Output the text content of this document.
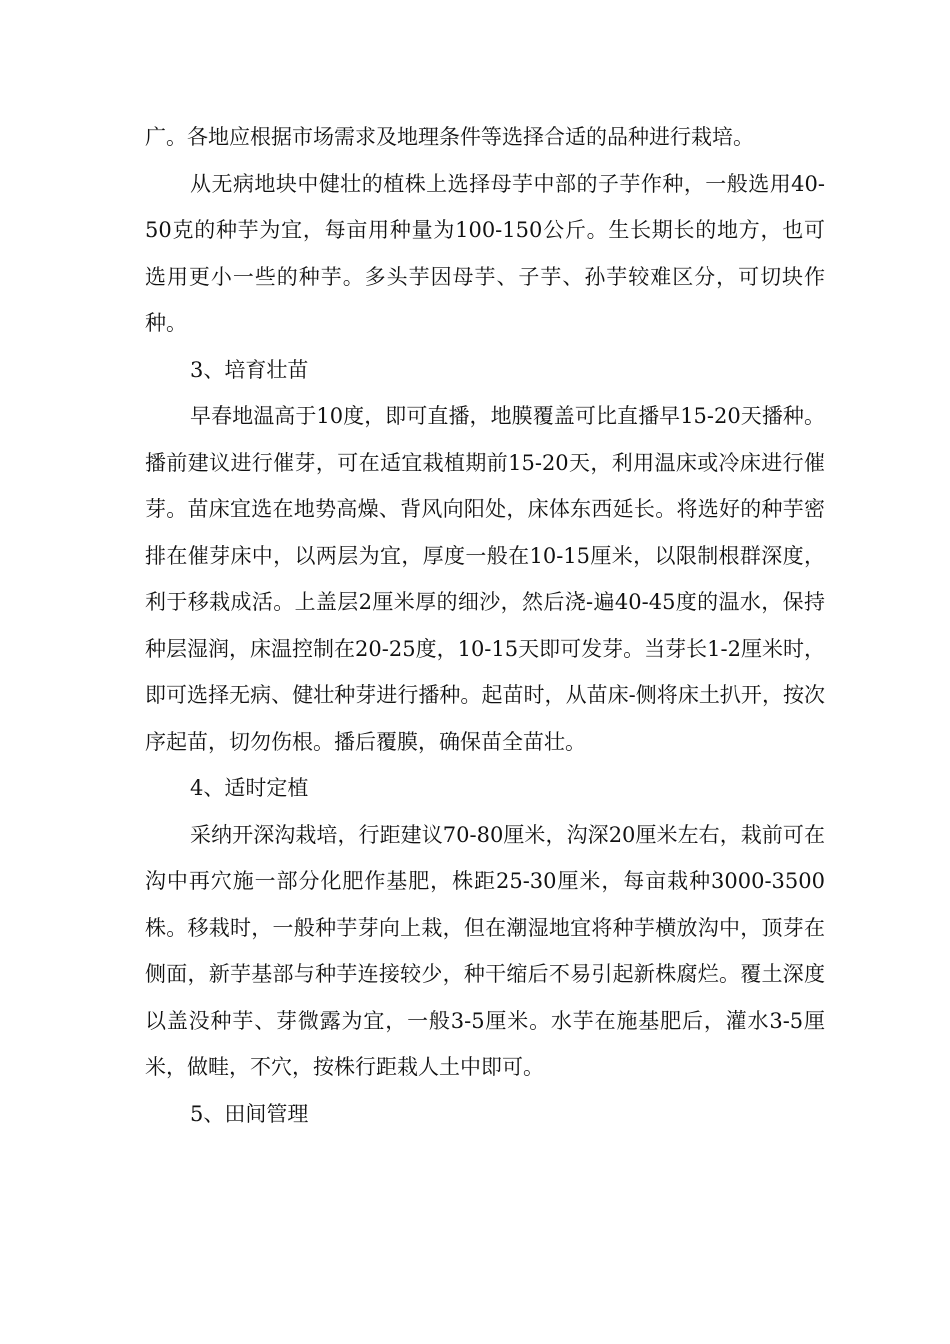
广。各地应根据市场需求及地理条件等选择合适的品种进行栽培。

从无病地块中健壮的植株上选择母芋中部的子芋作种，一般选用40-50克的种芋为宜，每亩用种量为100-150公斤。生长期长的地方，也可选用更小一些的种芋。多头芋因母芋、子芋、孙芋较难区分，可切块作种。

3、培育壮苗

早春地温高于10度，即可直播，地膜覆盖可比直播早15-20天播种。播前建议进行催芽，可在适宜栽植期前15-20天，利用温床或冷床进行催芽。苗床宜选在地势高燥、背风向阳处，床体东西延长。将选好的种芋密排在催芽床中，以两层为宜，厚度一般在10-15厘米，以限制根群深度，利于移栽成活。上盖层2厘米厚的细沙，然后浇-遍40-45度的温水，保持种层湿润，床温控制在20-25度，10-15天即可发芽。当芽长1-2厘米时，即可选择无病、健壮种芽进行播种。起苗时，从苗床-侧将床土扒开，按次序起苗，切勿伤根。播后覆膜，确保苗全苗壮。

4、适时定植

采纳开深沟栽培，行距建议70-80厘米，沟深20厘米左右，栽前可在沟中再穴施一部分化肥作基肥，株距25-30厘米，每亩栽种3000-3500株。移栽时，一般种芋芽向上栽，但在潮湿地宜将种芋横放沟中，顶芽在侧面，新芋基部与种芋连接较少，种干缩后不易引起新株腐烂。覆土深度以盖没种芋、芽微露为宜，一般3-5厘米。水芋在施基肥后，灌水3-5厘米，做畦，不穴，按株行距栽人土中即可。

5、田间管理
